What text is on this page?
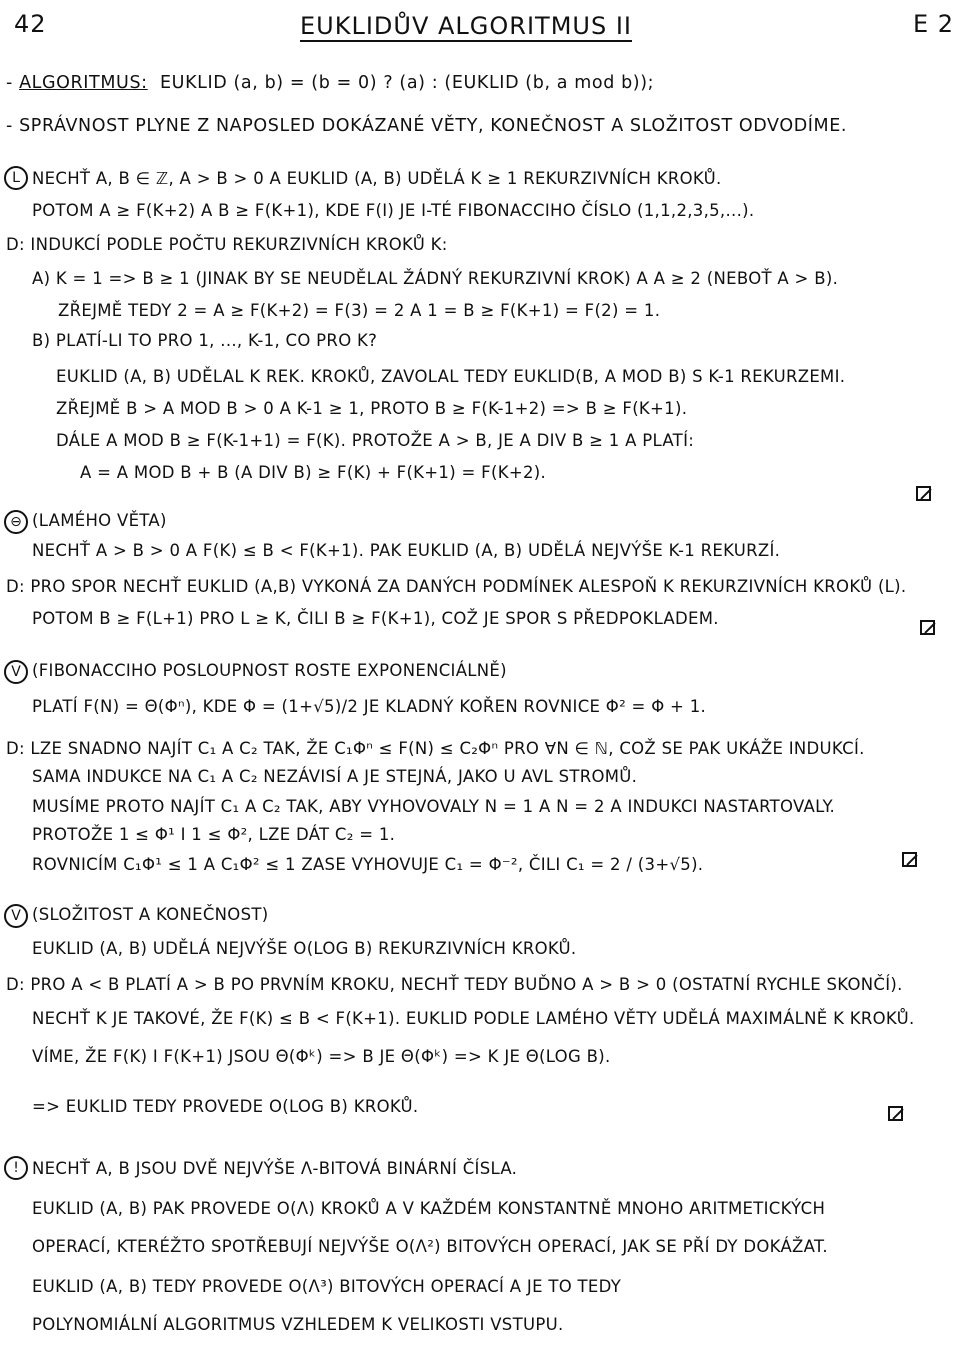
42	EUKLIDŮV ALGORITMUS II	E 2
- ALGORITMUS: EUKLID (a, b) = (b = 0) ? (a) : (EUKLID (b, a mod b));
- SPRÁVNOST PLYNE Z NAPOSLED DOKÁZANÉ VĚTY, KONEČNOST A SLOŽITOST ODVODÍME.
L NECHŤ A, B ∈ ℤ, A > B > 0 A EUKLID (A, B) UDĚLÁ K ≥ 1 REKURZIVNÍCH KROKŮ.
POTOM A ≥ F(K+2) A B ≥ F(K+1), KDE F(I) JE I-TÉ FIBONACCIHO ČÍSLO (1,1,2,3,5,...).
D: INDUKCÍ PODLE POČTU REKURZIVNÍCH KROKŮ K:
A) K = 1 => B ≥ 1 (JINAK BY SE NEUDĚLAL ŽÁDNÝ REKURZIVNÍ KROK) A A ≥ 2 (NEBOŤ A > B).
ZŘEJMĚ TEDY 2 = A ≥ F(K+2) = F(3) = 2 A 1 = B ≥ F(K+1) = F(2) = 1.
B) PLATÍ-LI TO PRO 1, ..., K-1, CO PRO K?
EUKLID (A, B) UDĚLAL K REK. KROKŮ, ZAVOLAL TEDY EUKLID(B, A MOD B) S K-1 REKURZEMI.
ZŘEJMĚ B > A MOD B > 0 A K-1 ≥ 1, PROTO B ≥ F(K-1+2) => B ≥ F(K+1).
DÁLE A MOD B ≥ F(K-1+1) = F(K). PROTOŽE A > B, JE A DIV B ≥ 1 A PLATÍ:
A = A MOD B + B (A DIV B) ≥ F(K) + F(K+1) = F(K+2).
⊖ (LAMÉHO VĚTA)
NECHŤ A > B > 0 A F(K) ≤ B < F(K+1). PAK EUKLID (A, B) UDĚLÁ NEJVÝŠE K-1 REKURZÍ.
D: PRO SPOR NECHŤ EUKLID (A,B) VYKONÁ ZA DANÝCH PODMÍNEK ALESPOŇ K REKURZIVNÍCH KROKŮ (L).
POTOM B ≥ F(L+1) PRO L ≥ K, ČILI B ≥ F(K+1), COŽ JE SPOR S PŘEDPOKLADEM.
V (FIBONACCIHO POSLOUPNOST ROSTE EXPONENCIÁLNĚ)
PLATÍ F(N) = Θ(Φⁿ), KDE Φ = (1+√5)/2 JE KLADNÝ KOŘEN ROVNICE Φ² = Φ + 1.
D: LZE SNADNO NAJÍT C₁ A C₂ TAK, ŽE C₁Φⁿ ≤ F(N) ≤ C₂Φⁿ PRO ∀N ∈ ℕ, COŽ SE PAK UKÁŽE INDUKCÍ.
SAMA INDUKCE NA C₁ A C₂ NEZÁVISÍ A JE STEJNÁ, JAKO U AVL STROMŮ.
MUSÍME PROTO NAJÍT C₁ A C₂ TAK, ABY VYHOVOVALY N = 1 A N = 2 A INDUKCI NASTARTOVALY.
PROTOŽE 1 ≤ Φ¹ I 1 ≤ Φ², LZE DÁT C₂ = 1.
ROVNICÍM C₁Φ¹ ≤ 1 A C₁Φ² ≤ 1 ZASE VYHOVUJE C₁ = Φ⁻², ČILI C₁ = 2 / (3+√5).
V (SLOŽITOST A KONEČNOST)
EUKLID (A, B) UDĚLÁ NEJVÝŠE O(LOG B) REKURZIVNÍCH KROKŮ.
D: PRO A < B PLATÍ A > B PO PRVNÍM KROKU, NECHŤ TEDY BUĎNO A > B > 0 (OSTATNÍ RYCHLE SKONČÍ).
NECHŤ K JE TAKOVÉ, ŽE F(K) ≤ B < F(K+1). EUKLID PODLE LAMÉHO VĚTY UDĚLÁ MAXIMÁLNĚ K KROKŮ.
VÍME, ŽE F(K) I F(K+1) JSOU Θ(Φᵏ) => B JE Θ(Φᵏ) => K JE Θ(LOG B).
=> EUKLID TEDY PROVEDE O(LOG B) KROKŮ.
! NECHŤ A, B JSOU DVĚ NEJVÝŠE Λ-BITOVÁ BINÁRNÍ ČÍSLA.
EUKLID (A, B) PAK PROVEDE O(Λ) KROKŮ A V KAŽDÉM KONSTANTNĚ MNOHO ARITMETICKÝCH
OPERACÍ, KTERÉŽTO SPOTŘEBUJÍ NEJVÝŠE O(Λ²) BITOVÝCH OPERACÍ, JAK SE PŘÍ DY DOKÁŽAT.
EUKLID (A, B) TEDY PROVEDE O(Λ³) BITOVÝCH OPERACÍ A JE TO TEDY
POLYNOMIÁLNÍ ALGORITMUS VZHLEDEM K VELIKOSTI VSTUPU.
